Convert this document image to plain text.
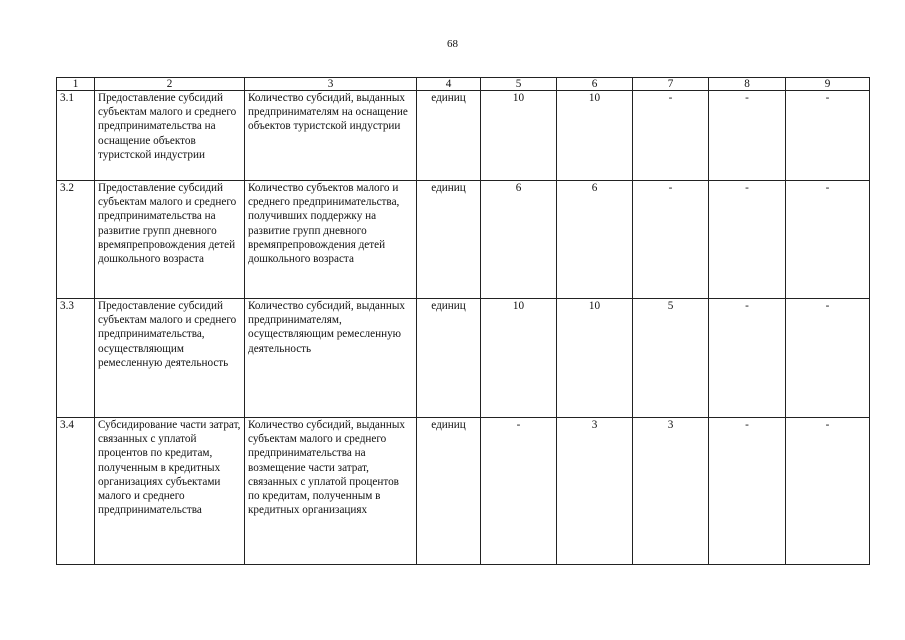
68
1	2	3	4	5	6	7	8	9
3.1	Предоставление субсидий субъектам малого и среднего предпринимательства на оснащение объектов туристской индустрии	Количество субсидий, выданных предпринимателям на оснащение объектов туристской индустрии	единиц	10	10	-	-	-
3.2	Предоставление субсидий субъектам малого и среднего предпринимательства на развитие групп дневного времяпрепровождения детей дошкольного возраста	Количество субъектов малого и среднего предпринимательства, получивших поддержку на развитие групп дневного времяпрепровождения детей дошкольного возраста	единиц	6	6	-	-	-
3.3	Предоставление субсидий субъектам малого и среднего предпринимательства, осуществляющим ремесленную деятельность	Количество субсидий, выданных предпринимателям, осуществляющим ремесленную деятельность	единиц	10	10	5	-	-
3.4	Субсидирование части затрат, связанных с уплатой процентов по кредитам, полученным в кредитных организациях субъектами малого и среднего предпринимательства	Количество субсидий, выданных субъектам малого и среднего предпринимательства на возмещение части затрат, связанных с уплатой процентов по кредитам, полученным в кредитных организациях	единиц	-	3	3	-	-
